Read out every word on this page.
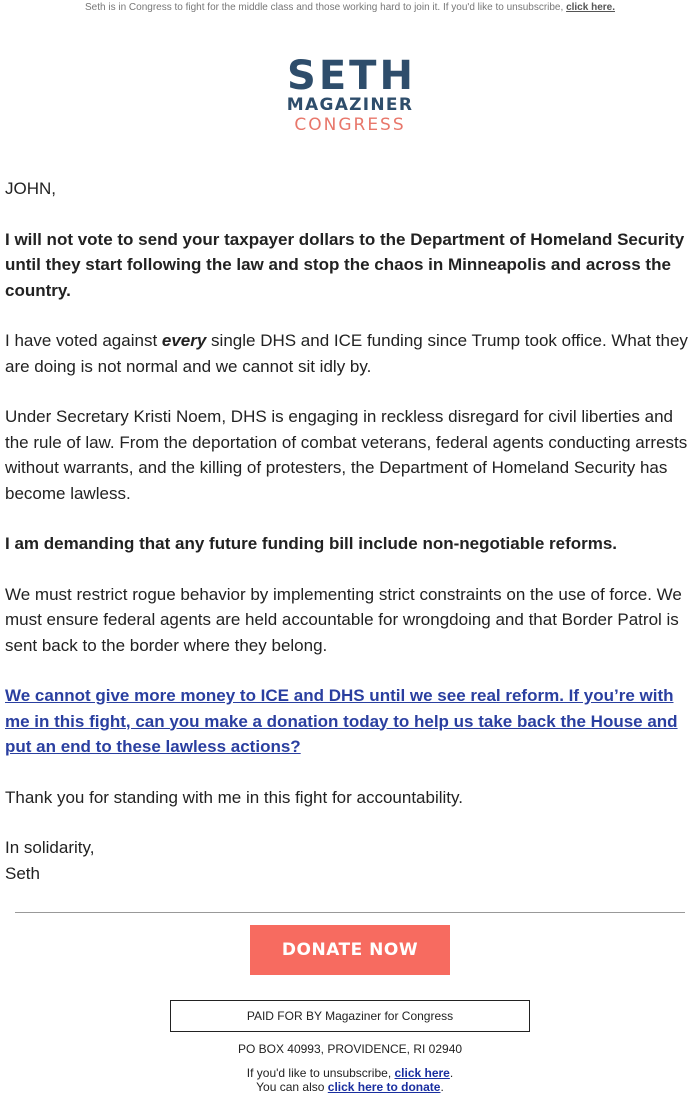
Seth is in Congress to fight for the middle class and those working hard to join it. If you'd like to unsubscribe, click here.
SETH
MAGAZINER
CONGRESS

JOHN,

I will not vote to send your taxpayer dollars to the Department of Homeland Security until they start following the law and stop the chaos in Minneapolis and across the country.

I have voted against every single DHS and ICE funding since Trump took office. What they are doing is not normal and we cannot sit idly by.

Under Secretary Kristi Noem, DHS is engaging in reckless disregard for civil liberties and the rule of law. From the deportation of combat veterans, federal agents conducting arrests without warrants, and the killing of protesters, the Department of Homeland Security has become lawless.

I am demanding that any future funding bill include non-negotiable reforms.

We must restrict rogue behavior by implementing strict constraints on the use of force. We must ensure federal agents are held accountable for wrongdoing and that Border Patrol is sent back to the border where they belong.

We cannot give more money to ICE and DHS until we see real reform. If you’re with me in this fight, can you make a donation today to help us take back the House and put an end to these lawless actions?

Thank you for standing with me in this fight for accountability.

In solidarity,
Seth

DONATE NOW
PAID FOR BY Magaziner for Congress
PO BOX 40993, PROVIDENCE, RI 02940
If you'd like to unsubscribe, click here.
You can also click here to donate.
